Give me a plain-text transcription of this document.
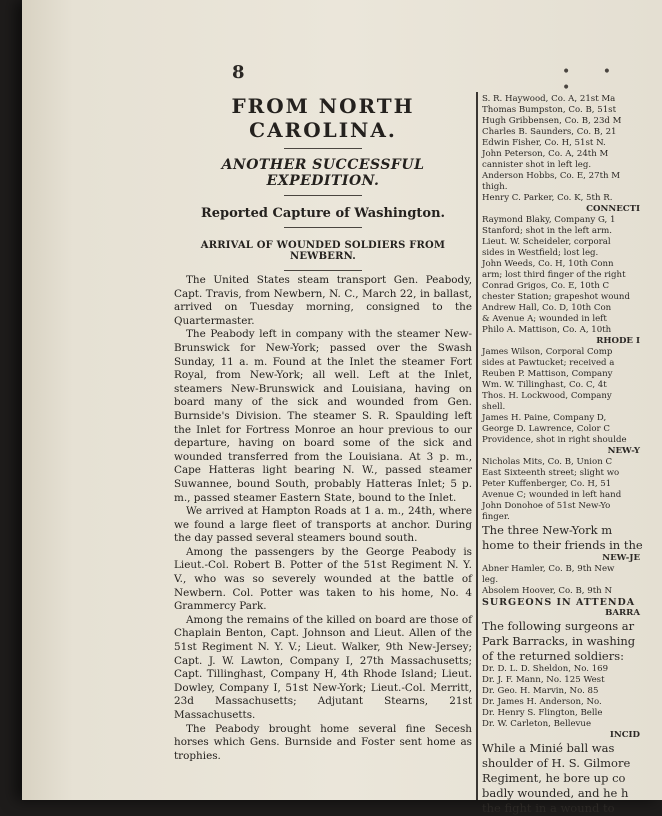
8	• • •
FROM NORTH CAROLINA.
ANOTHER SUCCESSFUL EXPEDITION.
Reported Capture of Washington.
ARRIVAL OF WOUNDED SOLDIERS FROM NEWBERN.

The United States steam transport Gen. Peabody, Capt. Travis, from Newbern, N. C., March 22, in ballast, arrived on Tuesday morning, consigned to the Quartermaster.

The Peabody left in company with the steamer New-Brunswick for New-York; passed over the Swash Sunday, 11 a. m. Found at the Inlet the steamer Fort Royal, from New-York; all well. Left at the Inlet, steamers New-Brunswick and Louisiana, having on board many of the sick and wounded from Gen. Burnside's Division. The steamer S. R. Spaulding left the Inlet for Fortress Monroe an hour previous to our departure, having on board some of the sick and wounded transferred from the Louisiana. At 3 p. m., Cape Hatteras light bearing N. W., passed steamer Suwannee, bound South, probably Hatteras Inlet; 5 p. m., passed steamer Eastern State, bound to the Inlet.

We arrived at Hampton Roads at 1 a. m., 24th, where we found a large fleet of transports at anchor. During the day passed several steamers bound south.

Among the passengers by the George Peabody is Lieut.-Col. Robert B. Potter of the 51st Regiment N. Y. V., who was so severely wounded at the battle of Newbern. Col. Potter was taken to his home, No. 4 Grammercy Park.

Among the remains of the killed on board are those of Chaplain Benton, Capt. Johnson and Lieut. Allen of the 51st Regiment N. Y. V.; Lieut. Walker, 9th New-Jersey; Capt. J. W. Lawton, Company I, 27th Massachusetts; Capt. Tillinghast, Company H, 4th Rhode Island; Lieut. Dowley, Company I, 51st New-York; Lieut.-Col. Merritt, 23d Massachusetts; Adjutant Stearns, 21st Massachusetts.

The Peabody brought home several fine Secesh horses which Gens. Burnside and Foster sent home as trophies.

S. R. Haywood, Co. A, 21st Ma
Thomas Bumpston, Co. B, 51st
Hugh Gribbensen, Co. B, 23d M
Charles B. Saunders, Co. B, 21
Edwin Fisher, Co. H, 51st N.
John Peterson, Co. A, 24th M
cannister shot in left leg.
Anderson Hobbs, Co. E, 27th M
thigh.
Henry C. Parker, Co. K, 5th R.
CONNECTI
Raymond Blaky, Company G, 1
Stanford; shot in the left arm.
Lieut. W. Scheideler, corporal
sides in Westfield; lost leg.
John Weeds, Co. H, 10th Conn
arm; lost third finger of the right
Conrad Grigos, Co. E, 10th C
chester Station; grapeshot wound
Andrew Hall, Co. D, 10th Con
& Avenue A; wounded in left
Philo A. Mattison, Co. A, 10th
RHODE I
James Wilson, Corporal Comp
sides at Pawtucket; received a
Reuben P. Mattison, Company
Wm. W. Tillinghast, Co. C, 4t
Thos. H. Lockwood, Company
shell.
James H. Paine, Company D,
George D. Lawrence, Color C
Providence, shot in right shoulde
NEW-Y
Nicholas Mits, Co. B, Union C
East Sixteenth street; slight wo
Peter Kuffenberger, Co. H, 51
Avenue C; wounded in left hand
John Donohoe of 51st New-Yo
finger.
The three New-York m
home to their friends in the
NEW-JE
Abner Hamler, Co. B, 9th New
leg.
Absolem Hoover, Co. B, 9th N
SURGEONS IN ATTENDA
BARRA
The following surgeons ar
Park Barracks, in washing
of the returned soldiers:
Dr. D. L. D. Sheldon, No. 169
Dr. J. F. Mann, No. 125 West
Dr. Geo. H. Marvin, No. 85
Dr. James H. Anderson, No.
Dr. Henry S. Flington, Belle
Dr. W. Carleton, Bellevue
INCID
While a Minié ball was
shoulder of H. S. Gilmore
Regiment, he bore up co
badly wounded, and he h
the fight in a wound to
